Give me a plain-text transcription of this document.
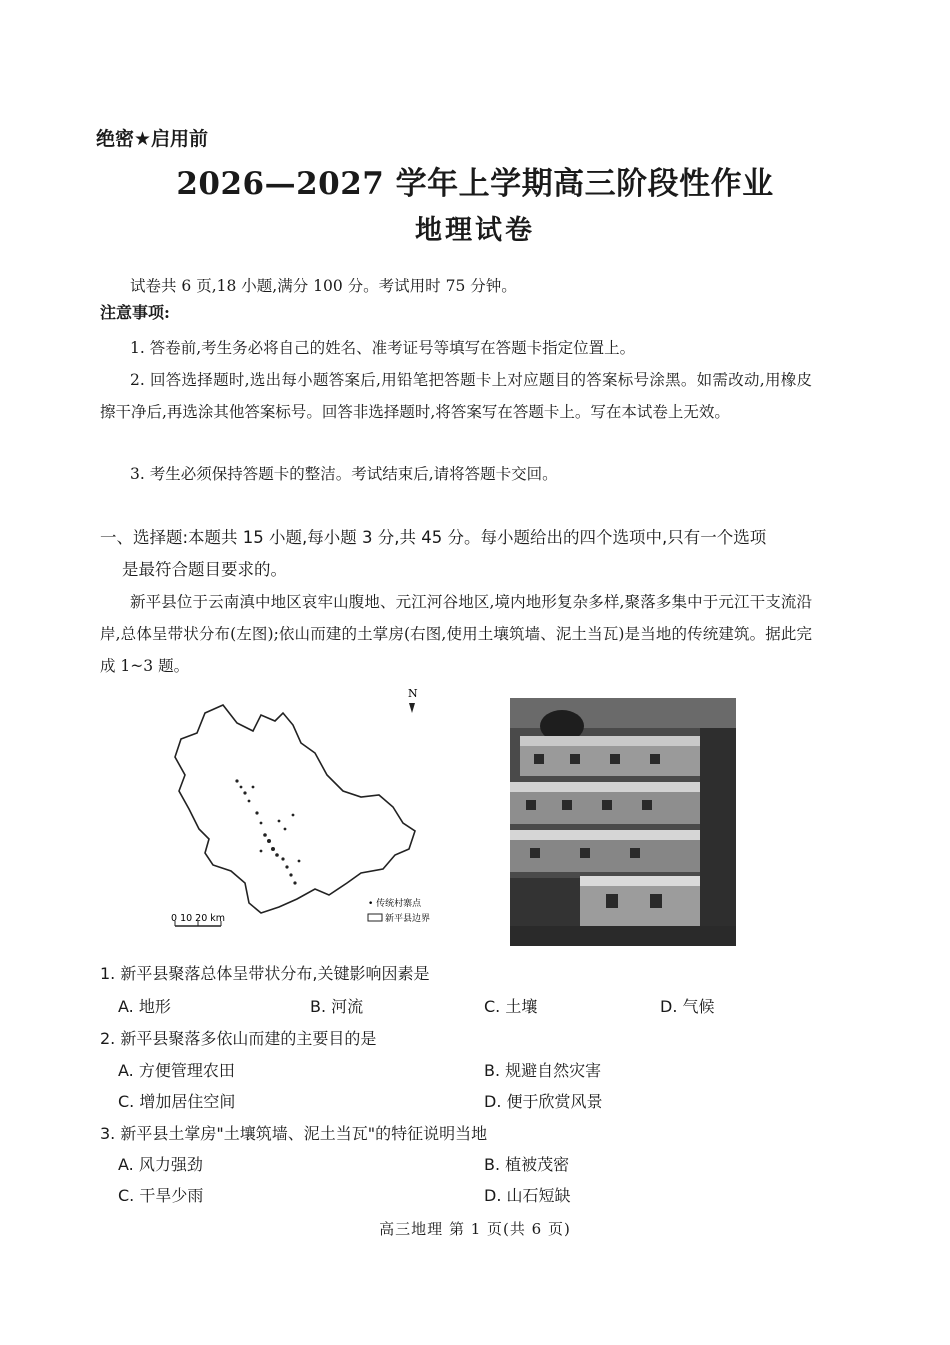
绝密★启用前
2026—2027 学年上学期高三阶段性作业
地理试卷
试卷共 6 页,18 小题,满分 100 分。考试用时 75 分钟。
注意事项:
1. 答卷前,考生务必将自己的姓名、准考证号等填写在答题卡指定位置上。
2. 回答选择题时,选出每小题答案后,用铅笔把答题卡上对应题目的答案标号涂黑。如需改动,用橡皮擦干净后,再选涂其他答案标号。回答非选择题时,将答案写在答题卡上。写在本试卷上无效。
3. 考生必须保持答题卡的整洁。考试结束后,请将答题卡交回。
一、选择题:本题共 15 小题,每小题 3 分,共 45 分。每小题给出的四个选项中,只有一个选项
是最符合题目要求的。
新平县位于云南滇中地区哀牢山腹地、元江河谷地区,境内地形复杂多样,聚落多集中于元江干支流沿岸,总体呈带状分布(左图);依山而建的土掌房(右图,使用土壤筑墙、泥土当瓦)是当地的传统建筑。据此完成 1~3 题。
N
0 10 20 km
• 传统村寨点
新平县边界
1. 新平县聚落总体呈带状分布,关键影响因素是
A. 地形	B. 河流	C. 土壤	D. 气候
2. 新平县聚落多依山而建的主要目的是
A. 方便管理农田	B. 规避自然灾害
C. 增加居住空间	D. 便于欣赏风景
3. 新平县土掌房"土壤筑墙、泥土当瓦"的特征说明当地
A. 风力强劲	B. 植被茂密
C. 干旱少雨	D. 山石短缺
高三地理 第 1 页(共 6 页)
